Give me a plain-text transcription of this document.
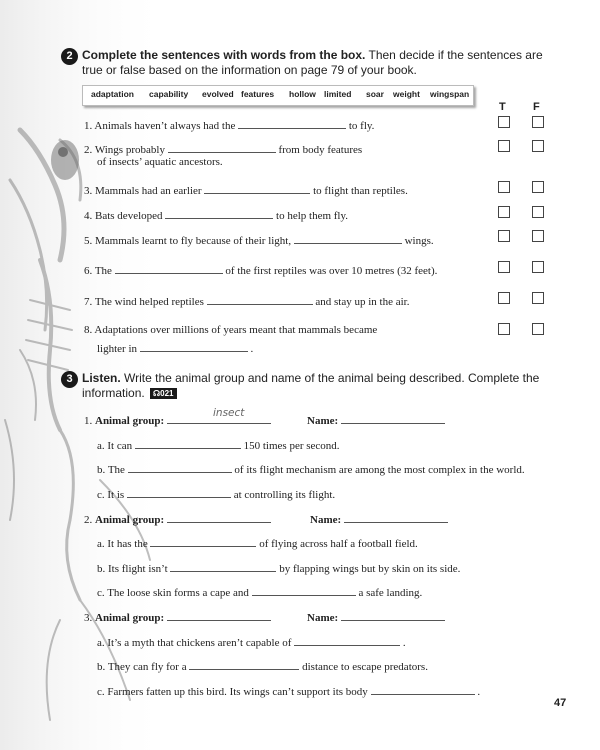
2 Complete the sentences with words from the box. Then decide if the sentences are
true or false based on the information on page 79 of your book.
adaptation capability evolved features hollow limited soar weight wingspan
T F
1. Animals haven’t always had the	to fly.
2. Wings probably	from body features
of insects’ aquatic ancestors.
3. Mammals had an earlier	to flight than reptiles.
4. Bats developed	to help them fly.
5. Mammals learnt to fly because of their light,	wings.
6. The	of the first reptiles was over 10 metres (32 feet).
7. The wind helped reptiles	and stay up in the air.
8. Adaptations over millions of years meant that mammals became
lighter in	.
3 Listen. Write the animal group and name of the animal being described. Complete the
information. ☊021
1. Animal group:
insect
Name:
a. It can	150 times per second.
b. The	of its flight mechanism are among the most complex in the world.
c. It is	at controlling its flight.
2. Animal group:	Name:
a. It has the	of flying across half a football field.
b. Its flight isn’t	by flapping wings but by skin on its side.
c. The loose skin forms a cape and	a safe landing.
3. Animal group:	Name:
a. It’s a myth that chickens aren’t capable of	.
b. They can fly for a	distance to escape predators.
c. Farmers fatten up this bird. Its wings can’t support its body	.
47
